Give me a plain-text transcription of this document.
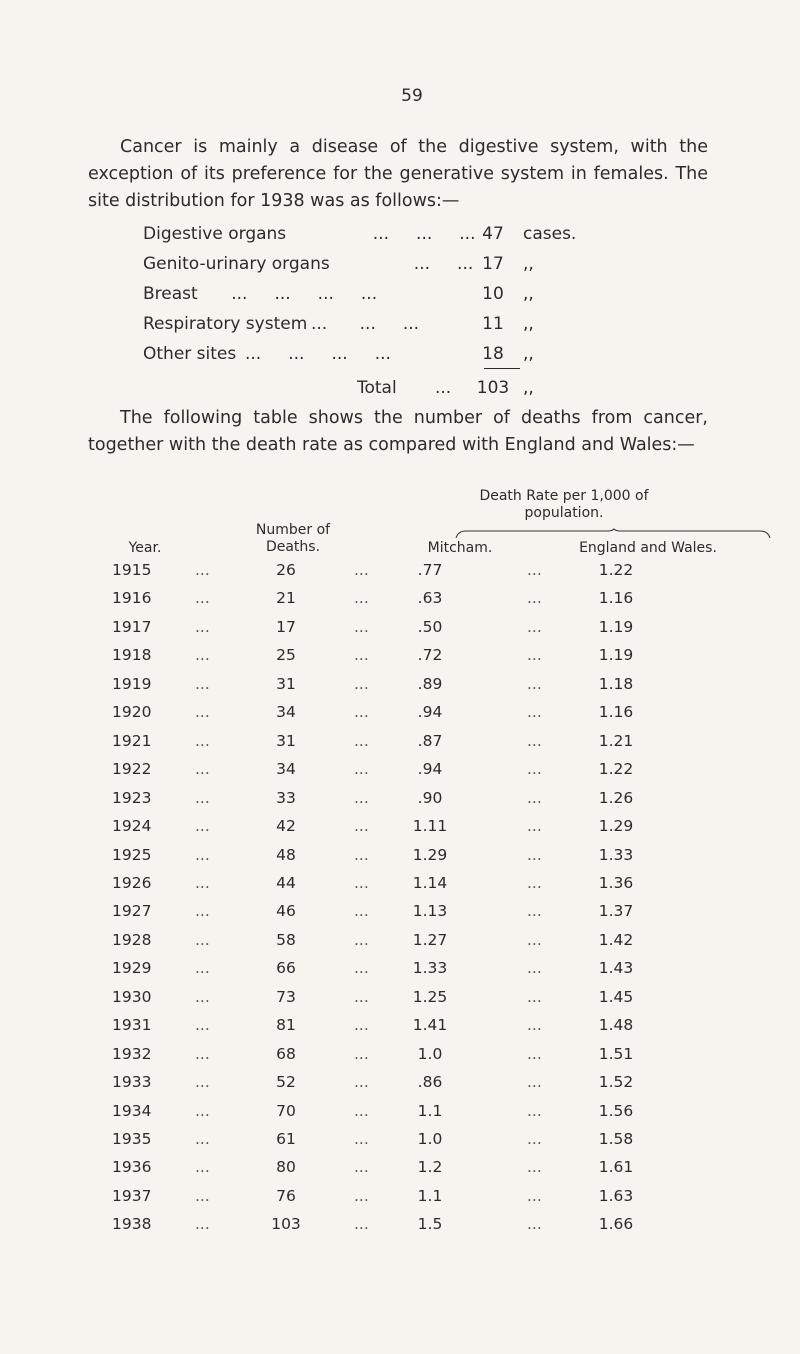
59

Cancer is mainly a disease of the digestive system, with the exception of its preference for the generative system in females. The site distribution for 1938 was as follows:—

Digestive organs	...     ...     ... 47	cases.
Genito-urinary organs	...     ... 17	,,
Breast ...     ...     ...     ...	10	,,
Respiratory system ...      ...     ...	11	,,
Other sites ...     ...     ...     ...	18	,,
Total ...	103 ,,

The following table shows the number of deaths from cancer, together with the death rate as compared with England and Wales:—

Death Rate per 1,000 of population.
Number of Deaths.
Year.	Mitcham.	England and Wales.
1915	26	.77	1.22
...	...	...
1916	21	.63	1.16
...	...	...
1917	17	.50	1.19
...	...	...
1918	25	.72	1.19
...	...	...
1919	31	.89	1.18
...	...	...
1920	34	.94	1.16
...	...	...
1921	31	.87	1.21
...	...	...
1922	34	.94	1.22
...	...	...
1923	33	.90	1.26
...	...	...
1924	42	1.11	1.29
...	...	...
1925	48	1.29	1.33
...	...	...
1926	44	1.14	1.36
...	...	...
1927	46	1.13	1.37
...	...	...
1928	58	1.27	1.42
...	...	...
1929	66	1.33	1.43
...	...	...
1930	73	1.25	1.45
...	...	...
1931	81	1.41	1.48
...	...	...
1932	68	1.0	1.51
...	...	...
1933	52	.86	1.52
...	...	...
1934	70	1.1	1.56
...	...	...
1935	61	1.0	1.58
...	...	...
1936	80	1.2	1.61
...	...	...
1937	76	1.1	1.63
...	...	...
1938	103	1.5	1.66
...	...	...
